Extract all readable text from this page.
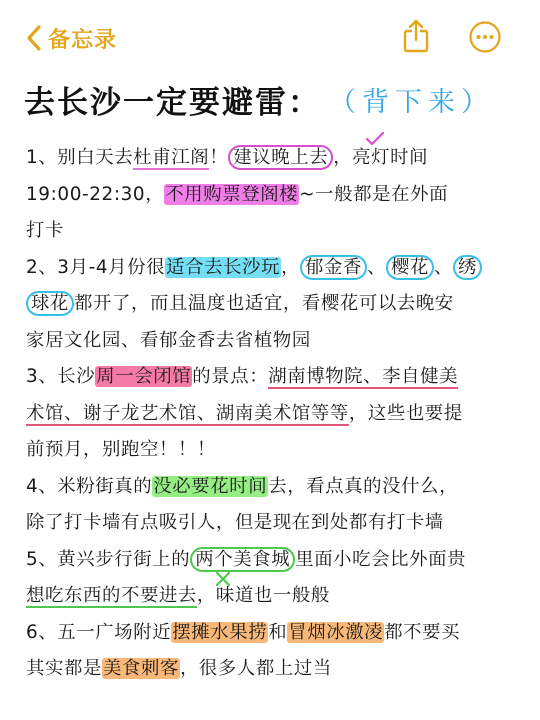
备忘录
去长沙一定要避雷： （背下来）
1、别白天去杜甫江阁！ 建议晚上去 ，亮灯时间
19:00-22:30，不用购票登阁楼~一般都是在外面
打卡
2、3月-4月份很适合去长沙玩， 郁金香 、 樱花 、 绣
球花 都开了，而且温度也适宜，看樱花可以去晚安
家居文化园、看郁金香去省植物园
3、长沙周一会闭馆的景点：湖南博物院、李自健美
术馆、谢子龙艺术馆、湖南美术馆等等，这些也要提
前预月，别跑空！！！
4、米粉街真的没必要花时间去，看点真的没什么，
除了打卡墙有点吸引人，但是现在到处都有打卡墙
5、黄兴步行街上的 两个美食城 里面小吃会比外面贵
想吃东西的不要进去，味道也一般般
6、五一广场附近摆摊水果捞和冒烟冰激凌都不要买
其实都是美食刺客，很多人都上过当
